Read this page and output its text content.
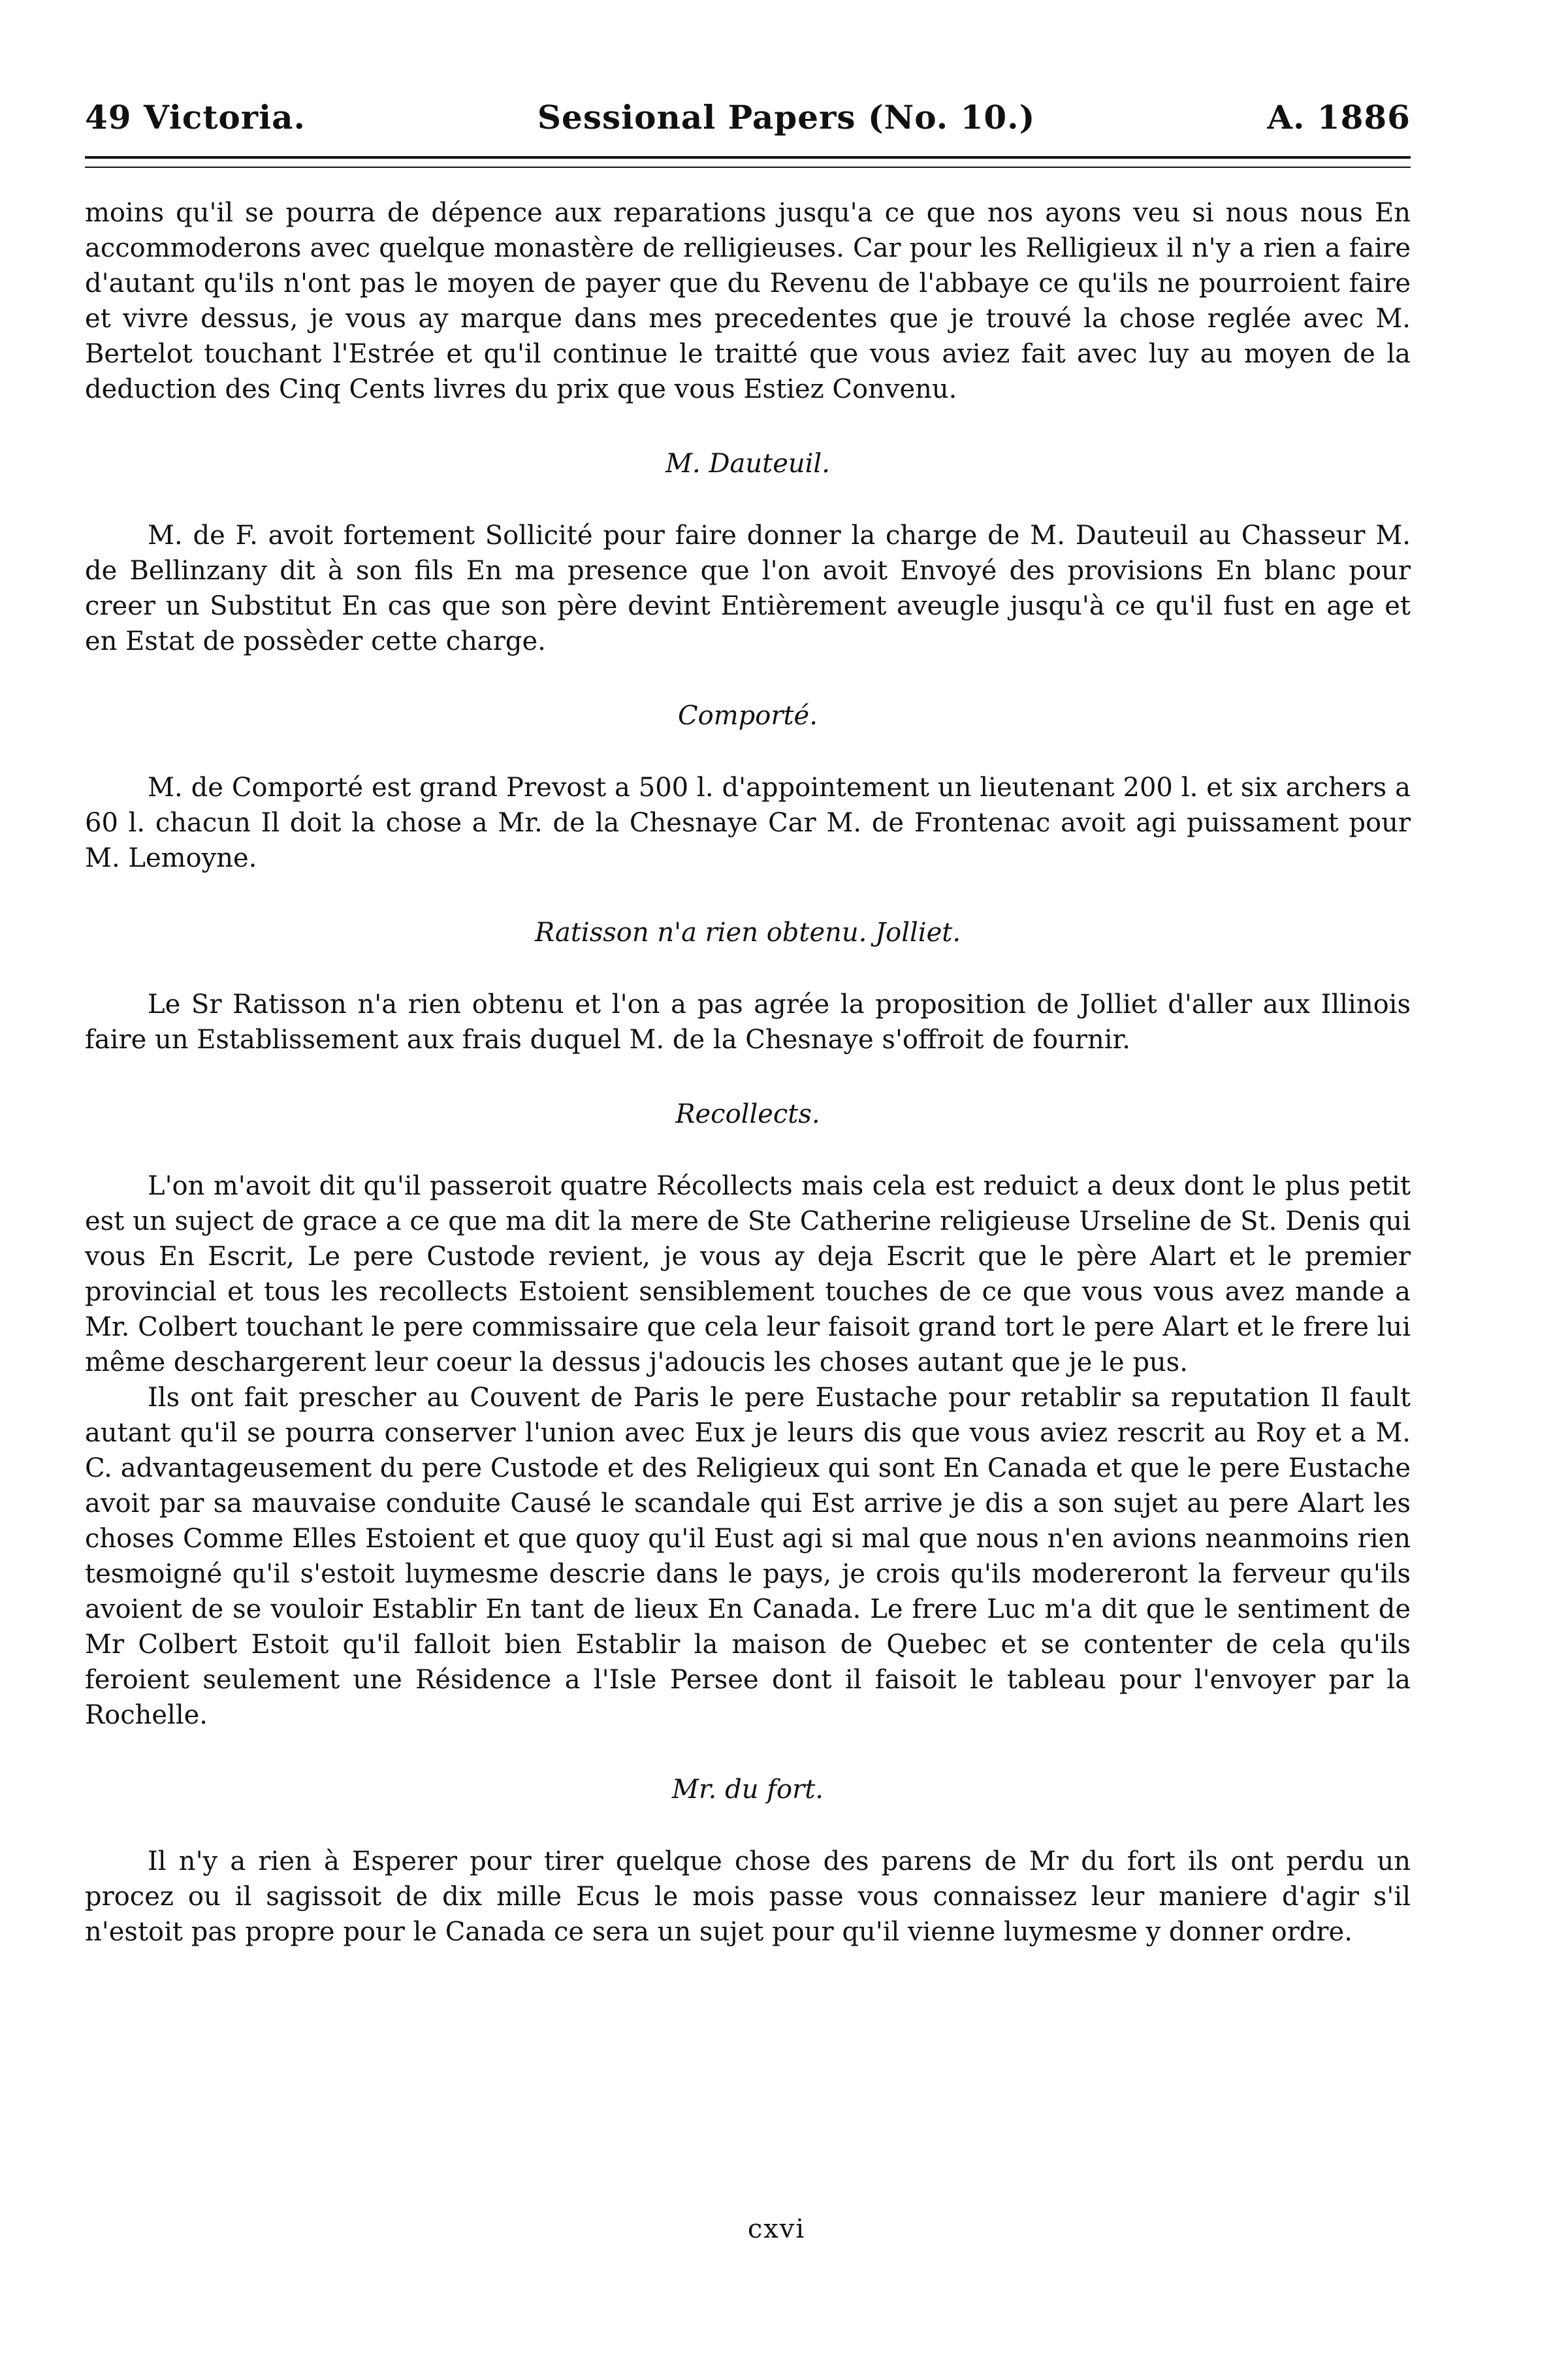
49 Victoria.	Sessional Papers (No. 10.)	A. 1886

moins qu'il se pourra de dépence aux reparations jusqu'a ce que nos ayons veu si nous nous En accommoderons avec quelque monastère de relligieuses. Car pour les Relligieux il n'y a rien a faire d'autant qu'ils n'ont pas le moyen de payer que du Revenu de l'abbaye ce qu'ils ne pourroient faire et vivre dessus, je vous ay marque dans mes precedentes que je trouvé la chose reglée avec M. Bertelot touchant l'Estrée et qu'il continue le traitté que vous aviez fait avec luy au moyen de la deduction des Cinq Cents livres du prix que vous Estiez Convenu.

M. Dauteuil.

M. de F. avoit fortement Sollicité pour faire donner la charge de M. Dauteuil au Chasseur M. de Bellinzany dit à son fils En ma presence que l'on avoit Envoyé des provisions En blanc pour creer un Substitut En cas que son père devint Entièrement aveugle jusqu'à ce qu'il fust en age et en Estat de possèder cette charge.

Comporté.

M. de Comporté est grand Prevost a 500 l. d'appointement un lieutenant 200 l. et six archers a 60 l. chacun Il doit la chose a Mr. de la Chesnaye Car M. de Frontenac avoit agi puissament pour M. Lemoyne.

Ratisson n'a rien obtenu. Jolliet.

Le Sr Ratisson n'a rien obtenu et l'on a pas agrée la proposition de Jolliet d'aller aux Illinois faire un Establissement aux frais duquel M. de la Chesnaye s'offroit de fournir.

Recollects.

L'on m'avoit dit qu'il passeroit quatre Récollects mais cela est reduict a deux dont le plus petit est un suject de grace a ce que ma dit la mere de Ste Catherine religieuse Urseline de St. Denis qui vous En Escrit, Le pere Custode revient, je vous ay deja Escrit que le père Alart et le premier provincial et tous les recollects Estoient sensiblement touches de ce que vous vous avez mande a Mr. Colbert touchant le pere commissaire que cela leur faisoit grand tort le pere Alart et le frere lui même deschargerent leur coeur la dessus j'adoucis les choses autant que je le pus.

Ils ont fait prescher au Couvent de Paris le pere Eustache pour retablir sa reputation Il fault autant qu'il se pourra conserver l'union avec Eux je leurs dis que vous aviez rescrit au Roy et a M. C. advantageusement du pere Custode et des Religieux qui sont En Canada et que le pere Eustache avoit par sa mauvaise conduite Causé le scandale qui Est arrive je dis a son sujet au pere Alart les choses Comme Elles Estoient et que quoy qu'il Eust agi si mal que nous n'en avions neanmoins rien tesmoigné qu'il s'estoit luymesme descrie dans le pays, je crois qu'ils modereront la ferveur qu'ils avoient de se vouloir Establir En tant de lieux En Canada. Le frere Luc m'a dit que le sentiment de Mr Colbert Estoit qu'il falloit bien Establir la maison de Quebec et se contenter de cela qu'ils feroient seulement une Résidence a l'Isle Persee dont il faisoit le tableau pour l'envoyer par la Rochelle.

Mr. du fort.

Il n'y a rien à Esperer pour tirer quelque chose des parens de Mr du fort ils ont perdu un procez ou il sagissoit de dix mille Ecus le mois passe vous connaissez leur maniere d'agir s'il n'estoit pas propre pour le Canada ce sera un sujet pour qu'il vienne luymesme y donner ordre.

cxvi
